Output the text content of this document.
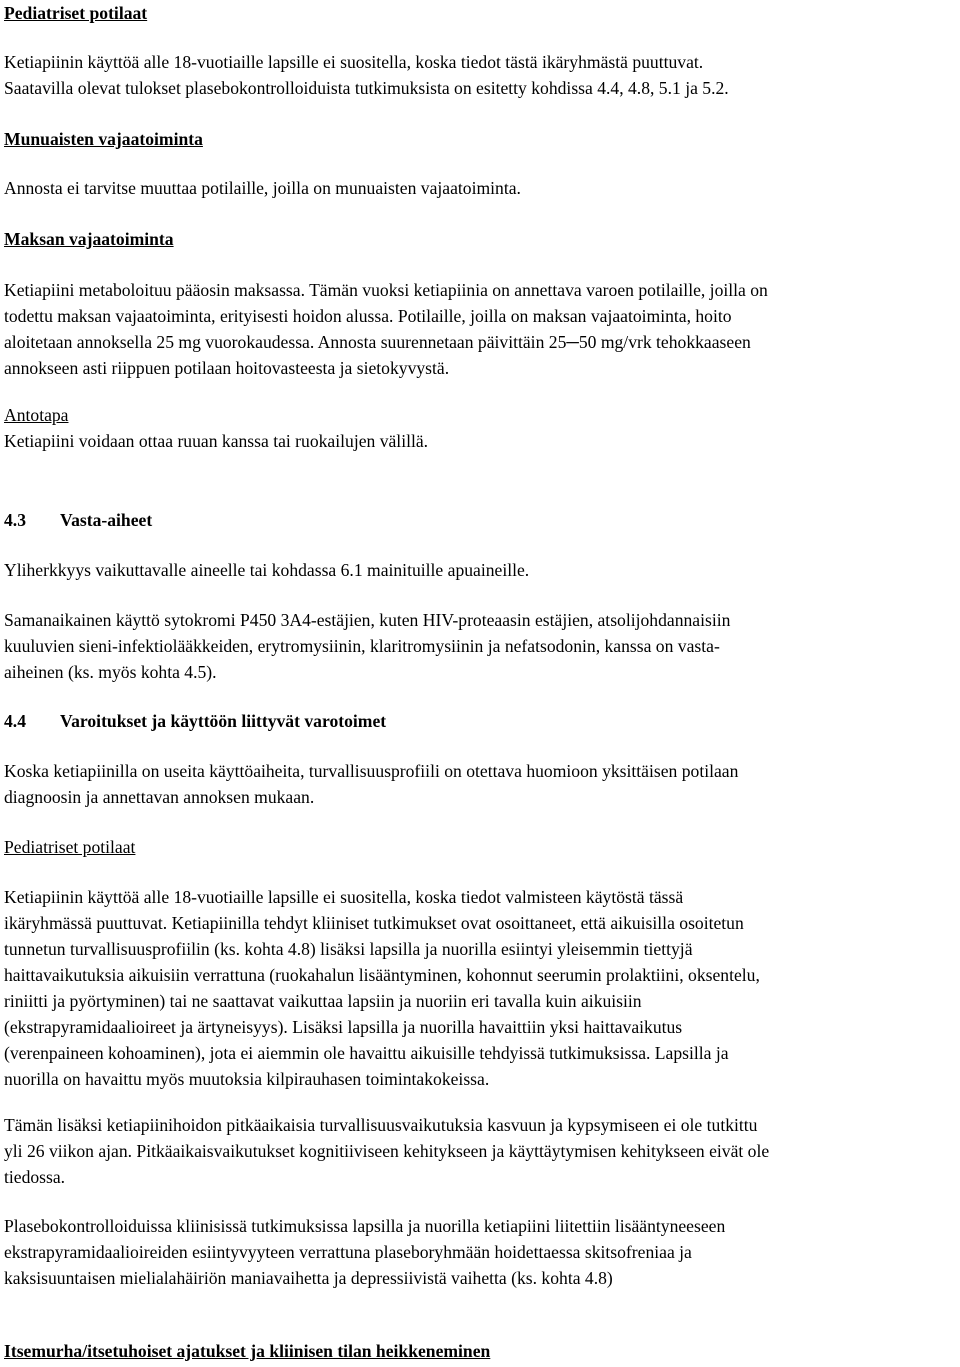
Pediatriset potilaat

Ketiapiinin käyttöä alle 18-vuotiaille lapsille ei suositella, koska tiedot tästä ikäryhmästä puuttuvat.
Saatavilla olevat tulokset plasebokontrolloiduista tutkimuksista on esitetty kohdissa 4.4, 4.8, 5.1 ja 5.2.

Munuaisten vajaatoiminta

Annosta ei tarvitse muuttaa potilaille, joilla on munuaisten vajaatoiminta.

Maksan vajaatoiminta

Ketiapiini metaboloituu pääosin maksassa. Tämän vuoksi ketiapiinia on annettava varoen potilaille, joilla on
todettu maksan vajaatoiminta, erityisesti hoidon alussa. Potilaille, joilla on maksan vajaatoiminta, hoito
aloitetaan annoksella 25 mg vuorokaudessa. Annosta suurennetaan päivittäin 25─50 mg/vrk tehokkaaseen
annokseen asti riippuen potilaan hoitovasteesta ja sietokyvystä.

Antotapa

Ketiapiini voidaan ottaa ruuan kanssa tai ruokailujen välillä.

4.3 Vasta-aiheet

Yliherkkyys vaikuttavalle aineelle tai kohdassa 6.1 mainituille apuaineille.

Samanaikainen käyttö sytokromi P450 3A4-estäjien, kuten HIV-proteaasin estäjien, atsolijohdannaisiin
kuuluvien sieni-infektiolääkkeiden, erytromysiinin, klaritromysiinin ja nefatsodonin, kanssa on vasta-
aiheinen (ks. myös kohta 4.5).

4.4 Varoitukset ja käyttöön liittyvät varotoimet

Koska ketiapiinilla on useita käyttöaiheita, turvallisuusprofiili on otettava huomioon yksittäisen potilaan
diagnoosin ja annettavan annoksen mukaan.

Pediatriset potilaat

Ketiapiinin käyttöä alle 18-vuotiaille lapsille ei suositella, koska tiedot valmisteen käytöstä tässä
ikäryhmässä puuttuvat. Ketiapiinilla tehdyt kliiniset tutkimukset ovat osoittaneet, että aikuisilla osoitetun
tunnetun turvallisuusprofiilin (ks. kohta 4.8) lisäksi lapsilla ja nuorilla esiintyi yleisemmin tiettyjä
haittavaikutuksia aikuisiin verrattuna (ruokahalun lisääntyminen, kohonnut seerumin prolaktiini, oksentelu,
riniitti ja pyörtyminen) tai ne saattavat vaikuttaa lapsiin ja nuoriin eri tavalla kuin aikuisiin
(ekstrapyramidaalioireet ja ärtyneisyys). Lisäksi lapsilla ja nuorilla havaittiin yksi haittavaikutus
(verenpaineen kohoaminen), jota ei aiemmin ole havaittu aikuisille tehdyissä tutkimuksissa. Lapsilla ja
nuorilla on havaittu myös muutoksia kilpirauhasen toimintakokeissa.

Tämän lisäksi ketiapiinihoidon pitkäaikaisia turvallisuusvaikutuksia kasvuun ja kypsymiseen ei ole tutkittu
yli 26 viikon ajan. Pitkäaikaisvaikutukset kognitiiviseen kehitykseen ja käyttäytymisen kehitykseen eivät ole
tiedossa.

Plasebokontrolloiduissa kliinisissä tutkimuksissa lapsilla ja nuorilla ketiapiini liitettiin lisääntyneeseen
ekstrapyramidaalioireiden esiintyvyyteen verrattuna plaseboryhmään hoidettaessa skitsofreniaa ja
kaksisuuntaisen mielialahäiriön maniavaihetta ja depressiivistä vaihetta (ks. kohta 4.8)

Itsemurha/itsetuhoiset ajatukset ja kliinisen tilan heikkeneminen
